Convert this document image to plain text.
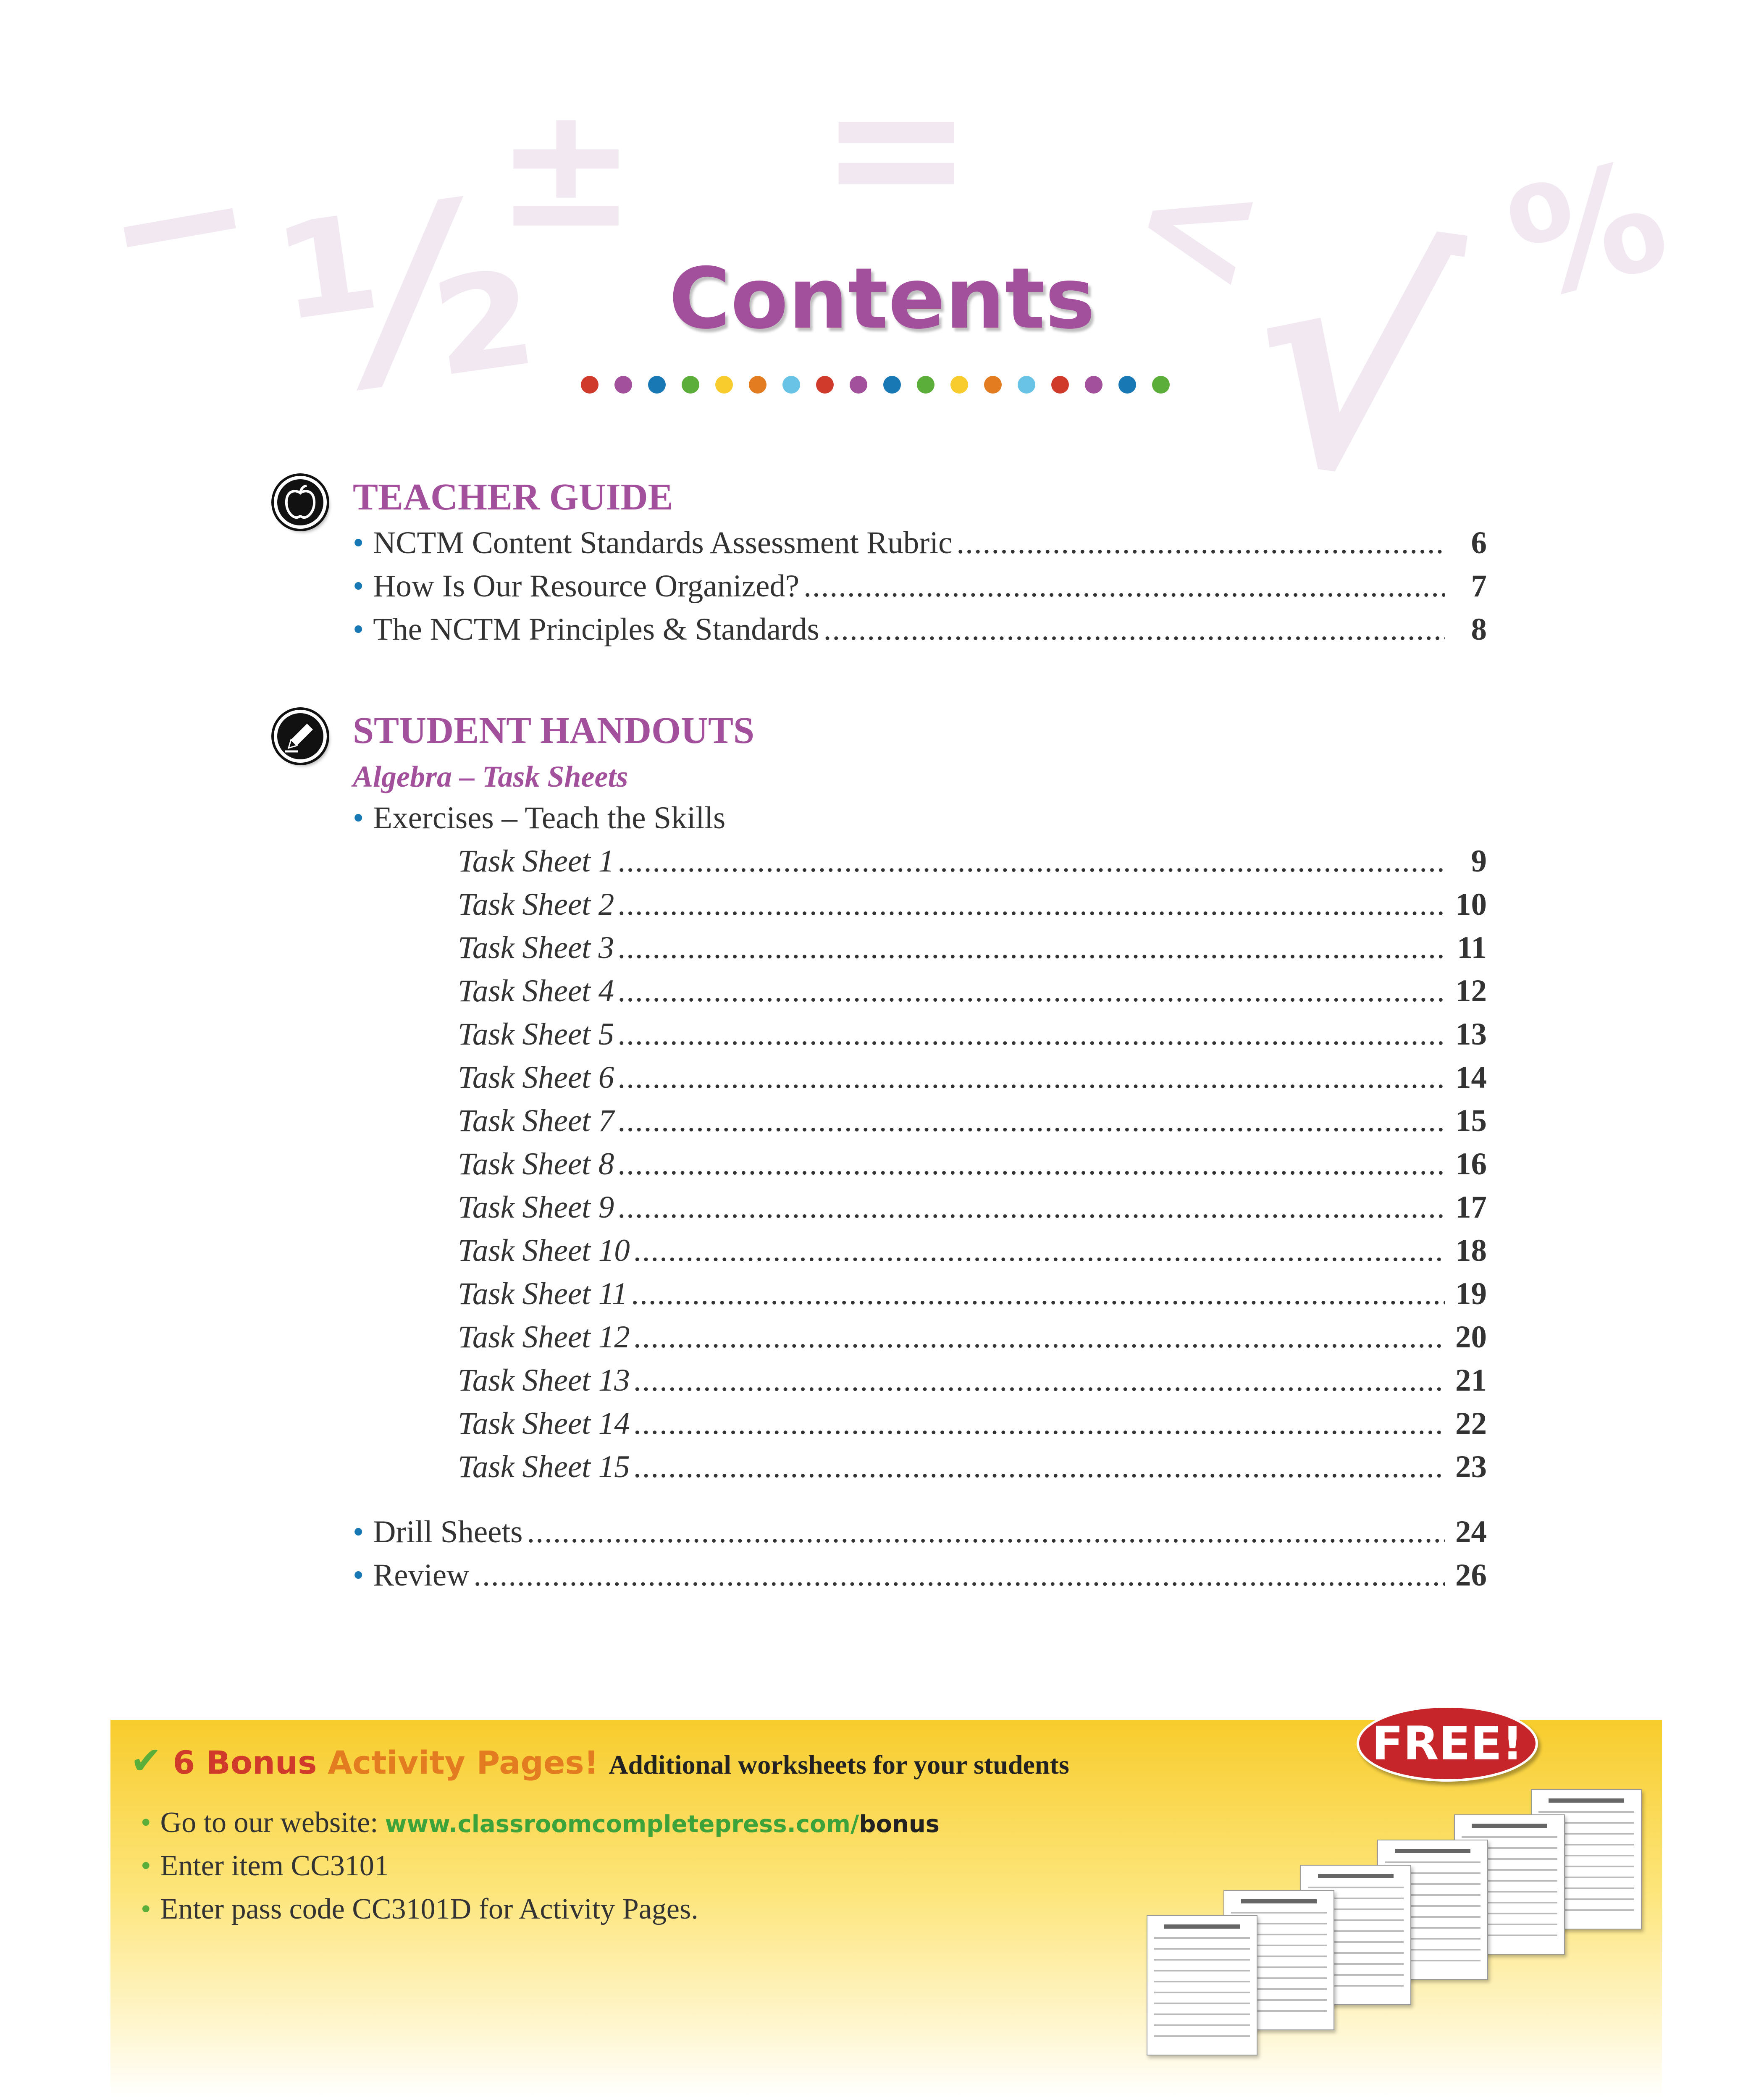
−
½
± = <
√ %
Contents
TEACHER GUIDE
• NCTM Content Standards Assessment Rubric .....	6
• How Is Our Resource Organized? .....	7
• The NCTM Principles & Standards .....	8
STUDENT HANDOUTS
Algebra – Task Sheets
• Exercises – Teach the Skills
Task Sheet 1 .....	9
Task Sheet 2 .....	10
Task Sheet 3 .....	11
Task Sheet 4 .....	12
Task Sheet 5 .....	13
Task Sheet 6 .....	14
Task Sheet 7 .....	15
Task Sheet 8 .....	16
Task Sheet 9 .....	17
Task Sheet 10 .....	18
Task Sheet 11 .....	19
Task Sheet 12 .....	20
Task Sheet 13 .....	21
Task Sheet 14 .....	22
Task Sheet 15 .....	23
• Drill Sheets .....	24
• Review .....	26
✔ 6 Bonus Activity Pages! Additional worksheets for your students	FREE!
• Go to our website: www.classroomcompletepress.com/ bonus
• Enter item CC3101
• Enter pass code CC3101D for Activity Pages.
